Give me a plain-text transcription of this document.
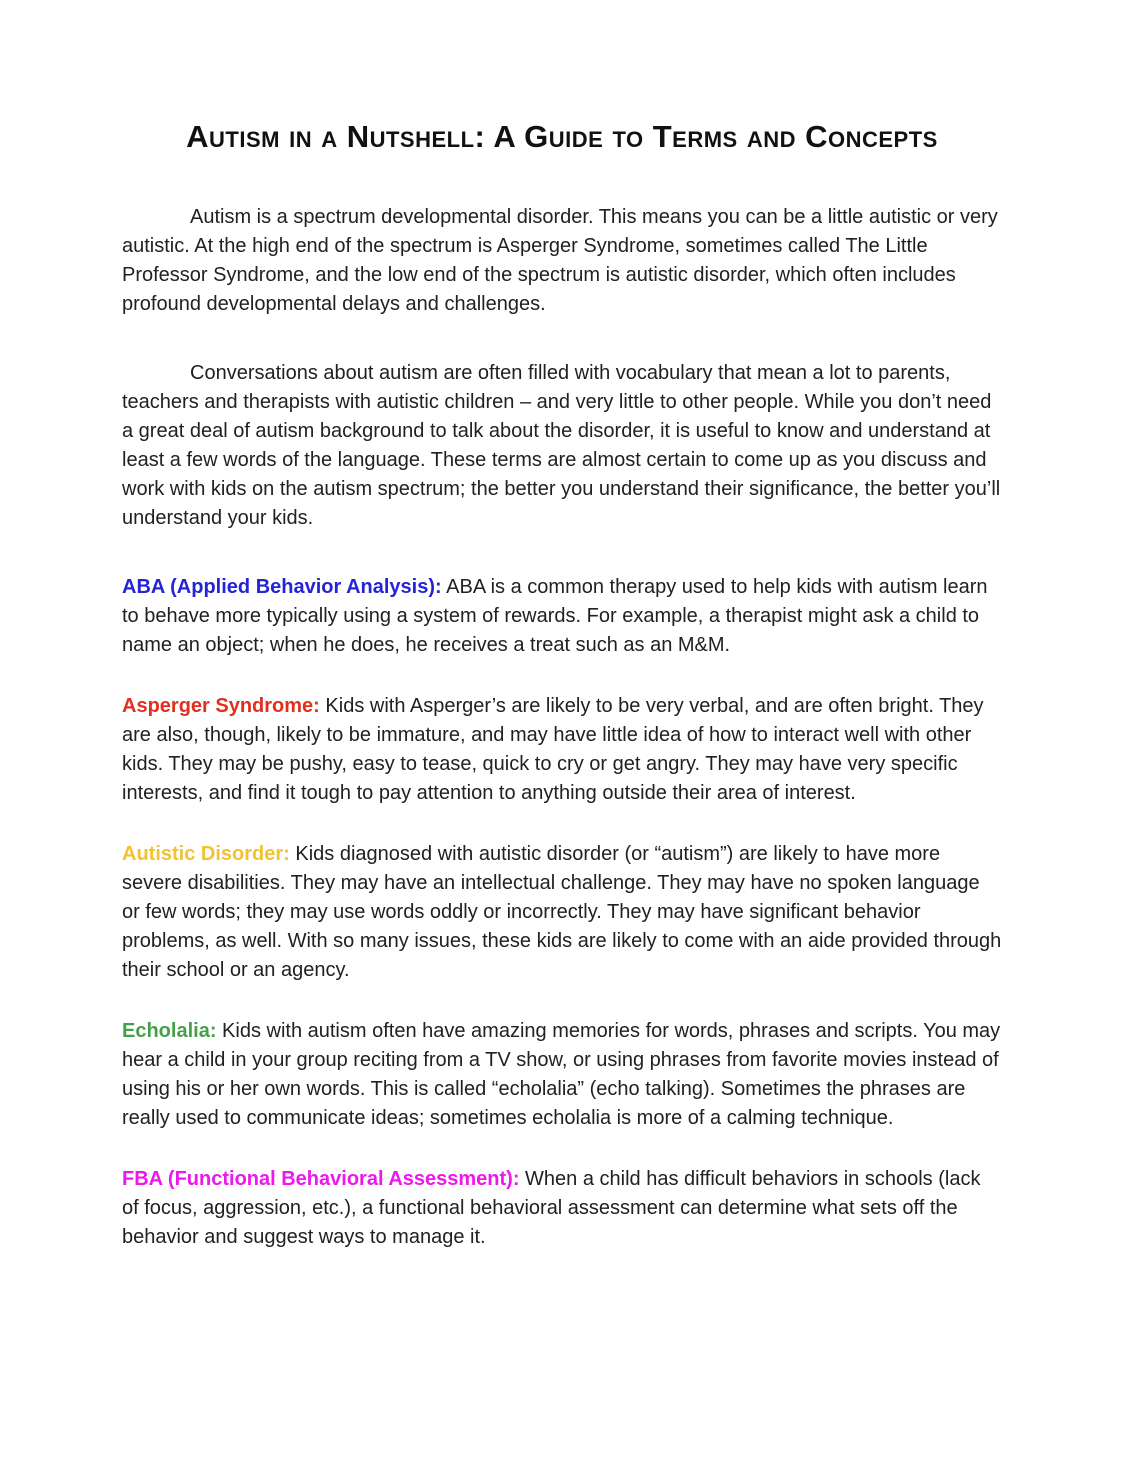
Autism in a Nutshell: A Guide to Terms and Concepts

Autism is a spectrum developmental disorder. This means you can be a little autistic or very autistic. At the high end of the spectrum is Asperger Syndrome, sometimes called The Little Professor Syndrome, and the low end of the spectrum is autistic disorder, which often includes profound developmental delays and challenges.

Conversations about autism are often filled with vocabulary that mean a lot to parents, teachers and therapists with autistic children – and very little to other people. While you don’t need a great deal of autism background to talk about the disorder, it is useful to know and understand at least a few words of the language. These terms are almost certain to come up as you discuss and work with kids on the autism spectrum; the better you understand their significance, the better you’ll understand your kids.

ABA (Applied Behavior Analysis): ABA is a common therapy used to help kids with autism learn to behave more typically using a system of rewards. For example, a therapist might ask a child to name an object; when he does, he receives a treat such as an M&M.

Asperger Syndrome: Kids with Asperger’s are likely to be very verbal, and are often bright. They are also, though, likely to be immature, and may have little idea of how to interact well with other kids. They may be pushy, easy to tease, quick to cry or get angry. They may have very specific interests, and find it tough to pay attention to anything outside their area of interest.

Autistic Disorder: Kids diagnosed with autistic disorder (or “autism”) are likely to have more severe disabilities. They may have an intellectual challenge. They may have no spoken language or few words; they may use words oddly or incorrectly. They may have significant behavior problems, as well. With so many issues, these kids are likely to come with an aide provided through their school or an agency.

Echolalia: Kids with autism often have amazing memories for words, phrases and scripts. You may hear a child in your group reciting from a TV show, or using phrases from favorite movies instead of using his or her own words. This is called “echolalia” (echo talking). Sometimes the phrases are really used to communicate ideas; sometimes echolalia is more of a calming technique.

FBA (Functional Behavioral Assessment): When a child has difficult behaviors in schools (lack of focus, aggression, etc.), a functional behavioral assessment can determine what sets off the behavior and suggest ways to manage it.
